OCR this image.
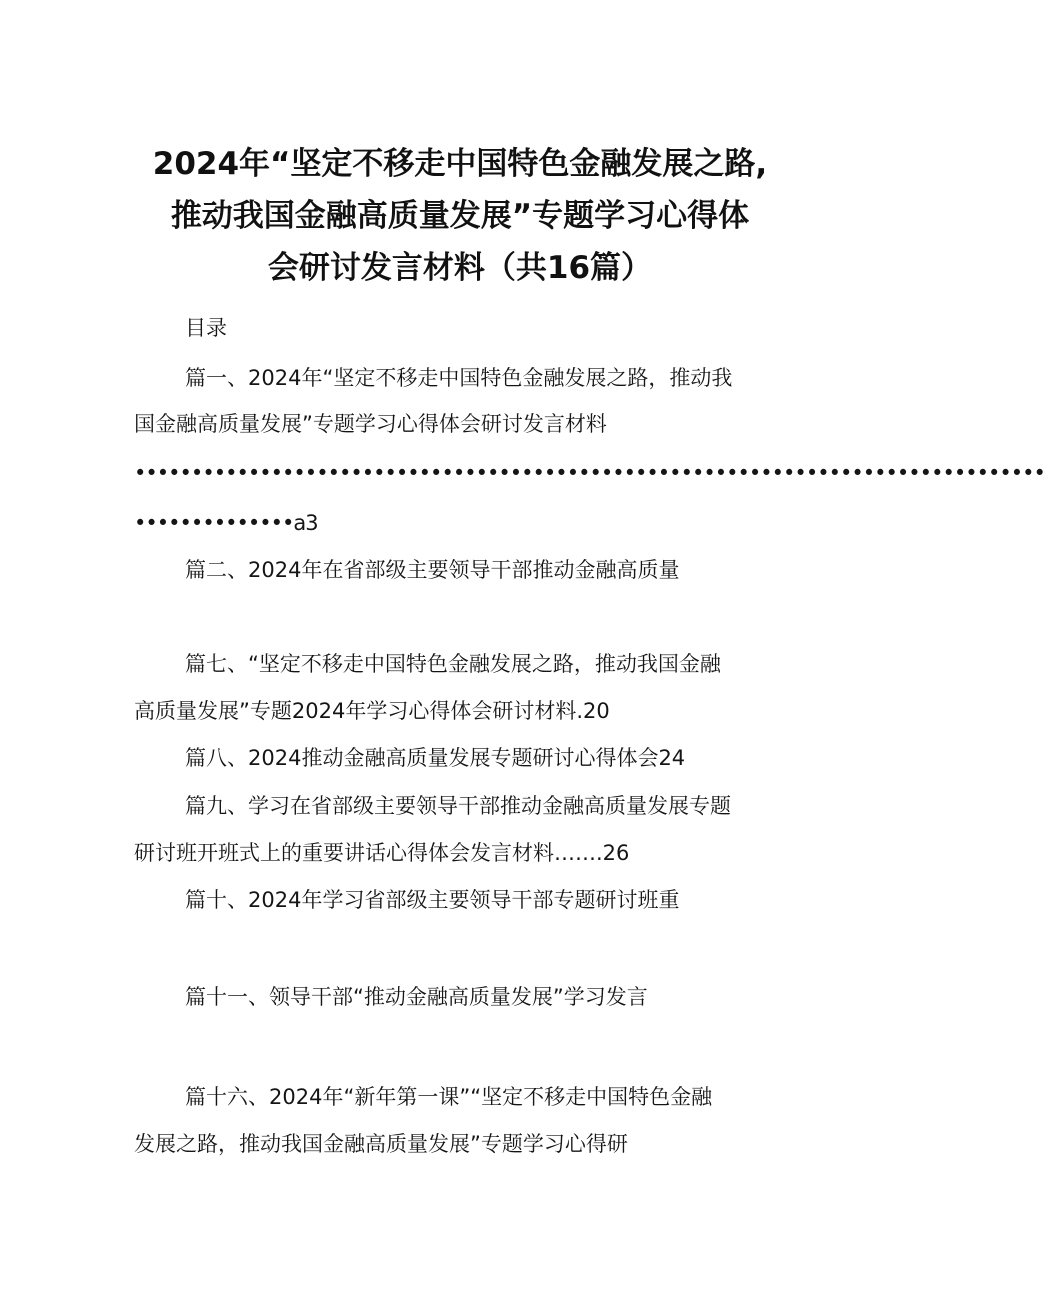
2024年“坚定不移走中国特色金融发展之路,
推动我国金融高质量发展”专题学习心得体
会研讨发言材料（共16篇）
目录
篇一、2024年“坚定不移走中国特色金融发展之路，推动我
国金融高质量发展”专题学习心得体会研讨发言材料
••••••••••••••••••••••••••••••••••••••••••••••••••••••••••••••••••••••••••••••••
••••••••••••••a3
篇二、2024年在省部级主要领导干部推动金融高质量
篇七、“坚定不移走中国特色金融发展之路，推动我国金融
高质量发展”专题2024年学习心得体会研讨材料.20
篇八、2024推动金融高质量发展专题研讨心得体会24
篇九、学习在省部级主要领导干部推动金融高质量发展专题
研讨班开班式上的重要讲话心得体会发言材料…….26
篇十、2024年学习省部级主要领导干部专题研讨班重
篇十一、领导干部“推动金融高质量发展”学习发言
篇十六、2024年“新年第一课”“坚定不移走中国特色金融
发展之路，推动我国金融高质量发展”专题学习心得研
